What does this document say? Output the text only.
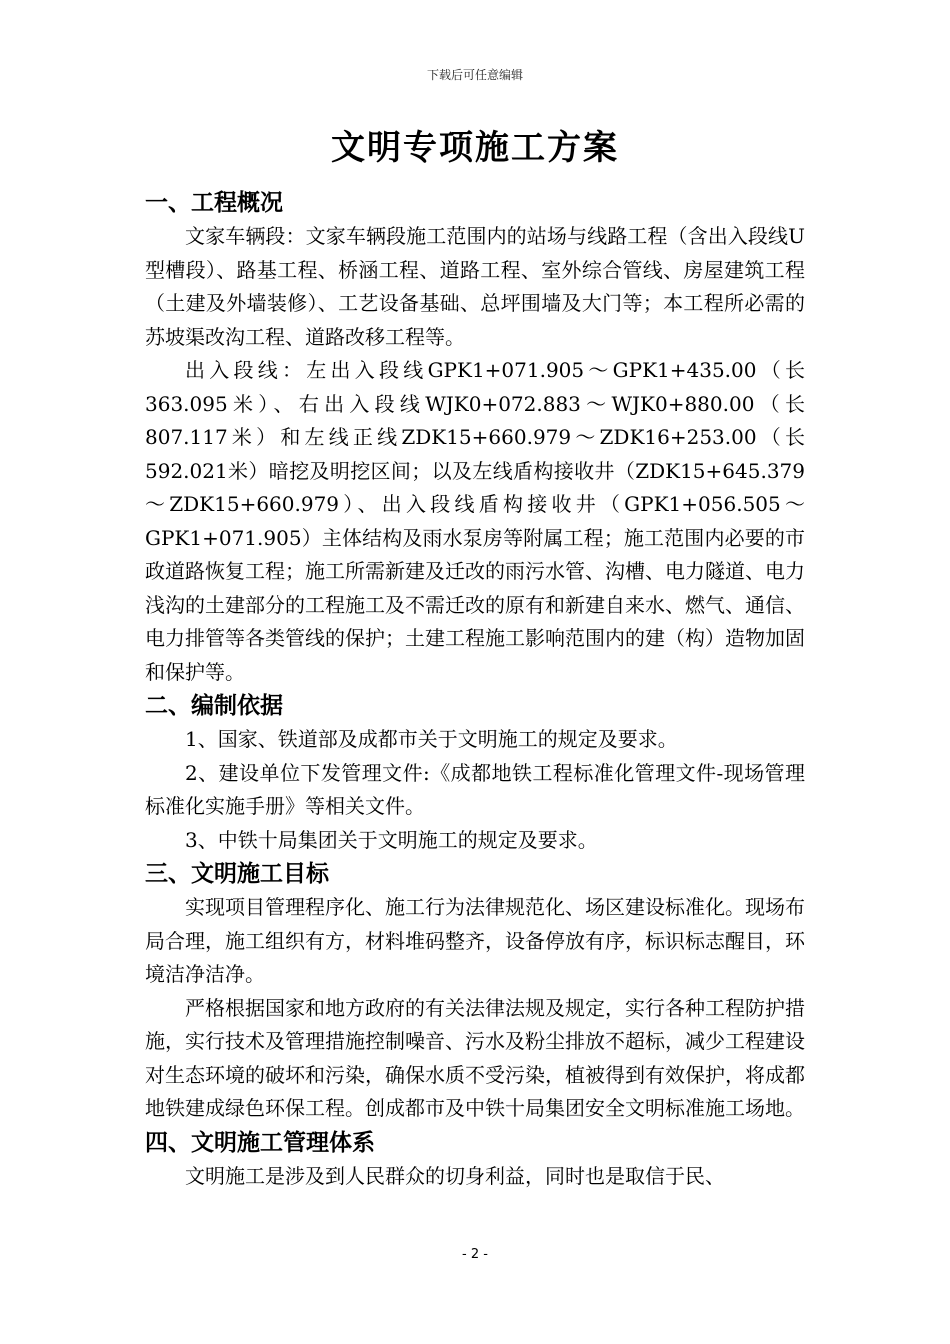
下载后可任意编辑
文明专项施工方案
一、工程概况

文家车辆段：文家车辆段施工范围内的站场与线路工程（含出入段线U型槽段）、路基工程、桥涵工程、道路工程、室外综合管线、房屋建筑工程（土建及外墙装修）、工艺设备基础、总坪围墙及大门等；本工程所必需的苏坡渠改沟工程、道路改移工程等。

出入段线：左出入段线GPK1+071.905～GPK1+435.00（长363.095米）、右出入段线WJK0+072.883～WJK0+880.00（长807.117米）和左线正线ZDK15+660.979～ZDK16+253.00（长592.021米）暗挖及明挖区间；以及左线盾构接收井（ZDK15+645.379～ZDK15+660.979）、出入段线盾构接收井（GPK1+056.505～GPK1+071.905）主体结构及雨水泵房等附属工程；施工范围内必要的市政道路恢复工程；施工所需新建及迁改的雨污水管、沟槽、电力隧道、电力浅沟的土建部分的工程施工及不需迁改的原有和新建自来水、燃气、通信、电力排管等各类管线的保护；土建工程施工影响范围内的建（构）造物加固和保护等。

二、编制依据

1、国家、铁道部及成都市关于文明施工的规定及要求。

2、建设单位下发管理文件:《成都地铁工程标准化管理文件-现场管理标准化实施手册》等相关文件。

3、中铁十局集团关于文明施工的规定及要求。

三、文明施工目标

实现项目管理程序化、施工行为法律规范化、场区建设标准化。现场布局合理，施工组织有方，材料堆码整齐，设备停放有序，标识标志醒目，环境洁净洁净。

严格根据国家和地方政府的有关法律法规及规定，实行各种工程防护措施，实行技术及管理措施控制噪音、污水及粉尘排放不超标，减少工程建设对生态环境的破坏和污染，确保水质不受污染，植被得到有效保护，将成都地铁建成绿色环保工程。创成都市及中铁十局集团安全文明标准施工场地。

四、文明施工管理体系

文明施工是涉及到人民群众的切身利益，同时也是取信于民、

- 2 -
